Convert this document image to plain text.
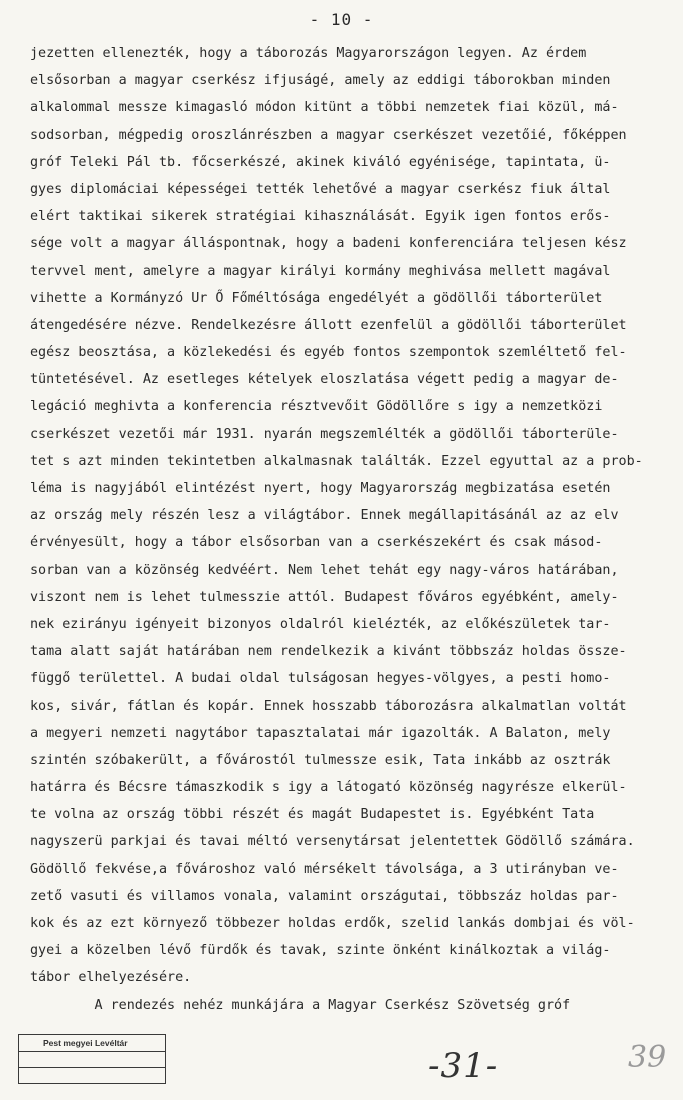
- 10 -
jezetten ellenezték, hogy a táborozás Magyarországon legyen. Az érdem
elsősorban a magyar cserkész ifjuságé, amely az eddigi táborokban minden
alkalommal messze kimagasló módon kitünt a többi nemzetek fiai közül, má-
sodsorban, mégpedig oroszlánrészben a magyar cserkészet vezetőié, főképpen
gróf Teleki Pál tb. főcserkészé, akinek kiváló egyénisége, tapintata, ü-
gyes diplomáciai képességei tették lehetővé a magyar cserkész fiuk által
elért taktikai sikerek stratégiai kihasználását. Egyik igen fontos erős-
sége volt a magyar álláspontnak, hogy a badeni konferenciára teljesen kész
tervvel ment, amelyre a magyar királyi kormány meghivása mellett magával
vihette a Kormányzó Ur Ő Főméltósága engedélyét a gödöllői táborterület
átengedésére nézve. Rendelkezésre állott ezenfelül a gödöllői táborterület
egész beosztása, a közlekedési és egyéb fontos szempontok szemléltető fel-
tüntetésével. Az esetleges kételyek eloszlatása végett pedig a magyar de-
legáció meghivta a konferencia résztvevőit Gödöllőre s igy a nemzetközi
cserkészet vezetői már 1931. nyarán megszemlélték a gödöllői táborterüle-
tet s azt minden tekintetben alkalmasnak találták. Ezzel egyuttal az a prob-
léma is nagyjából elintézést nyert, hogy Magyarország megbizatása esetén
az ország mely részén lesz a világtábor. Ennek megállapitásánál az az elv
érvényesült, hogy a tábor elsősorban van a cserkészekért és csak másod-
sorban van a közönség kedvéért. Nem lehet tehát egy nagy-város határában,
viszont nem is lehet tulmesszie attól. Budapest főváros egyébként, amely-
nek ezirányu igényeit bizonyos oldalról kielézték, az előkészületek tar-
tama alatt saját határában nem rendelkezik a kivánt többszáz holdas össze-
függő területtel. A budai oldal tulságosan hegyes-völgyes, a pesti homo-
kos, sivár, fátlan és kopár. Ennek hosszabb táborozásra alkalmatlan voltát
a megyeri nemzeti nagytábor tapasztalatai már igazolták. A Balaton, mely
szintén szóbakerült, a fővárostól tulmessze esik, Tata inkább az osztrák
határra és Bécsre támaszkodik s igy a látogató közönség nagyrésze elkerül-
te volna az ország többi részét és magát Budapestet is. Egyébként Tata
nagyszerü parkjai és tavai méltó versenytársat jelentettek Gödöllő számára.
Gödöllő fekvése,a fővároshoz való mérsékelt távolsága, a 3 utirányban ve-
zető vasuti és villamos vonala, valamint országutai, többszáz holdas par-
kok és az ezt környező többezer holdas erdők, szelid lankás dombjai és völ-
gyei a közelben lévő fürdők és tavak, szinte önként kinálkoztak a világ-
tábor elhelyezésére.
A rendezés nehéz munkájára a Magyar Cserkész Szövetség gróf
Pest megyei Levéltár
-31-	39
